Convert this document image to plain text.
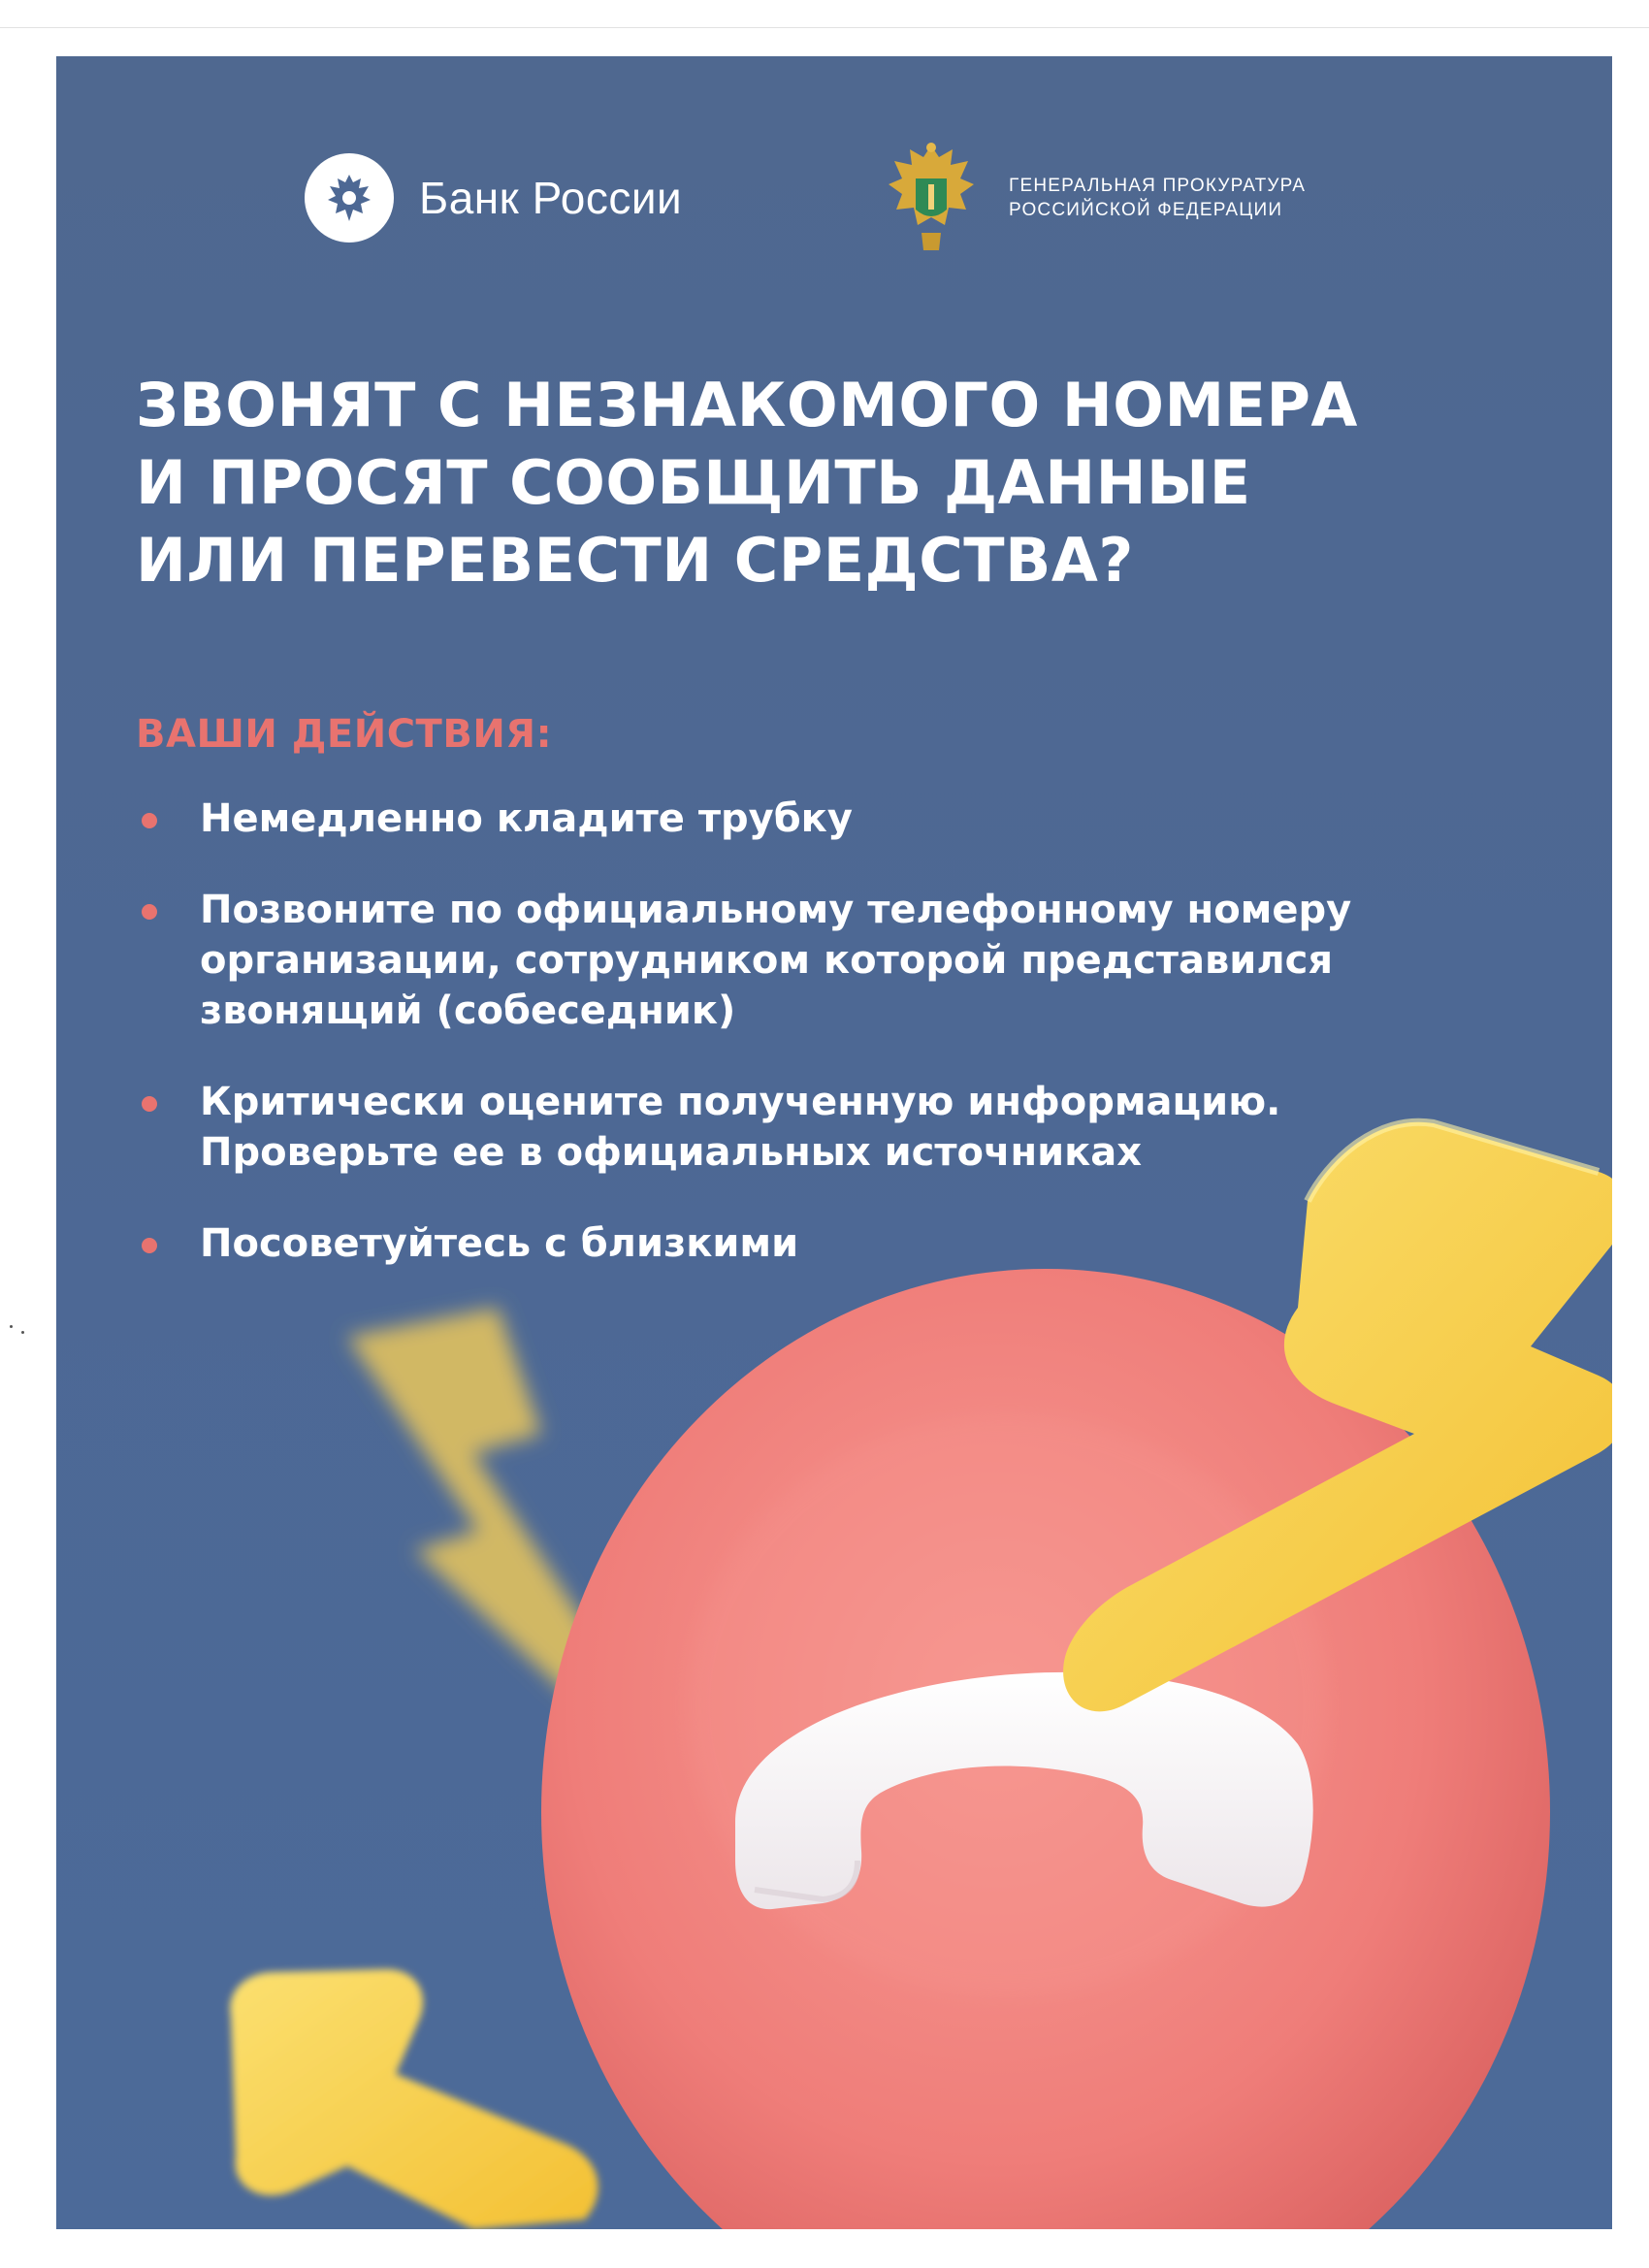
Банк России	ГЕНЕРАЛЬНАЯ ПРОКУРАТУРА
РОССИЙСКОЙ ФЕДЕРАЦИИ
ЗВОНЯТ С НЕЗНАКОМОГО НОМЕРА
И ПРОСЯТ СООБЩИТЬ ДАННЫЕ
ИЛИ ПЕРЕВЕСТИ СРЕДСТВА?
ВАШИ ДЕЙСТВИЯ:
Немедленно кладите трубку
Позвоните по официальному телефонному номеру
организации, сотрудником которой представился
звонящий (собеседник)
Критически оцените полученную информацию.
Проверьте ее в официальных источниках
Посоветуйтесь с близкими
